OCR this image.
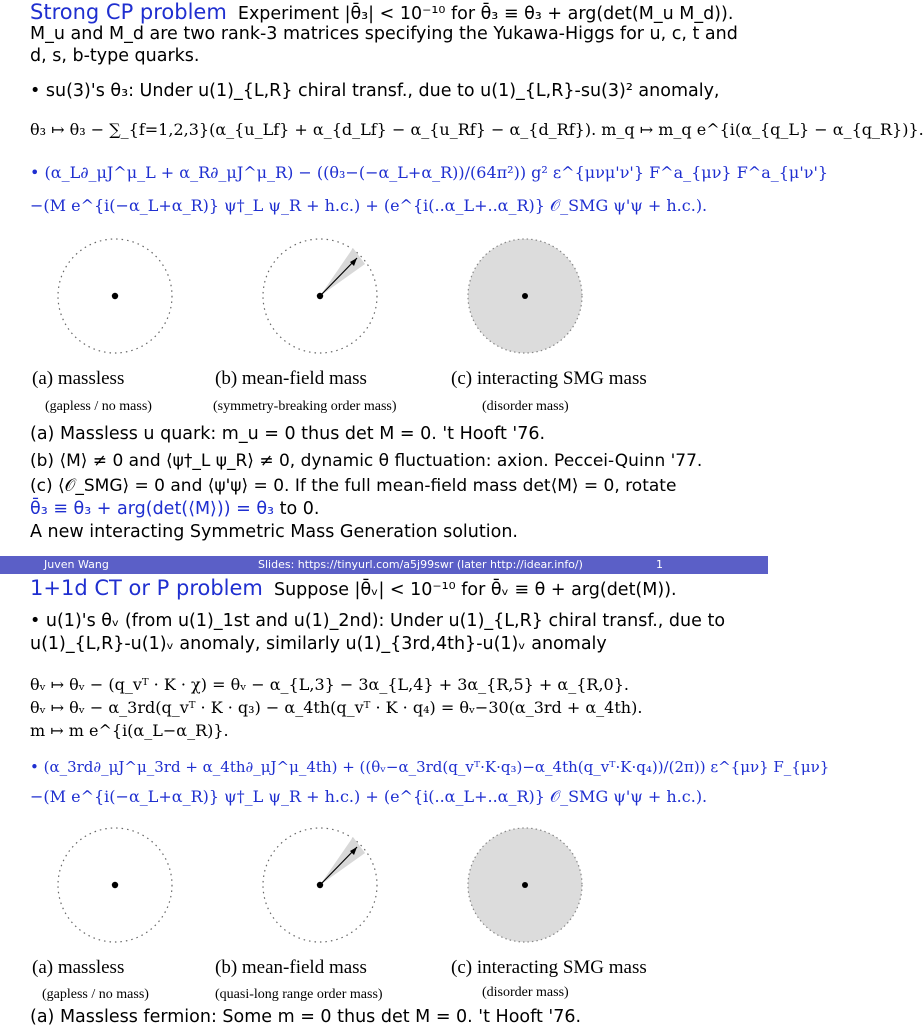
Strong CP problem Experiment |θ̄₃| < 10⁻¹⁰ for θ̄₃ ≡ θ₃ + arg(det(M_u M_d)).
M_u and M_d are two rank-3 matrices specifying the Yukawa-Higgs for u, c, t and
d, s, b-type quarks.
• su(3)'s θ₃: Under u(1)_{L,R} chiral transf., due to u(1)_{L,R}-su(3)² anomaly,
θ₃ ↦ θ₃ − ∑_{f=1,2,3}(α_{u_Lf} + α_{d_Lf} − α_{u_Rf} − α_{d_Rf}). m_q ↦ m_q e^{i(α_{q_L} − α_{q_R})}.
• (α_L∂_μJ^μ_L + α_R∂_μJ^μ_R) − ((θ₃−(−α_L+α_R))/(64π²)) g² ε^{μνμ'ν'} F^a_{μν} F^a_{μ'ν'}
−(M e^{i(−α_L+α_R)} ψ†_L ψ_R + h.c.) + (e^{i(..α_L+..α_R)} 𝒪_SMG ψ'ψ + h.c.).
(a) massless	(b) mean-field mass	(c) interacting SMG mass
(gapless / no mass)	(symmetry-breaking order mass)	(disorder mass)
(a) Massless u quark: m_u = 0 thus det M = 0. 't Hooft '76.
(b) ⟨M⟩ ≠ 0 and ⟨ψ†_L ψ_R⟩ ≠ 0, dynamic θ fluctuation: axion. Peccei-Quinn '77.
(c) ⟨𝒪_SMG⟩ = 0 and ⟨ψ'ψ⟩ = 0. If the full mean-field mass det⟨M⟩ = 0, rotate
θ̄₃ ≡ θ₃ + arg(det(⟨M⟩)) = θ₃ to 0.
A new interacting Symmetric Mass Generation solution.
Juven Wang	Slides: https://tinyurl.com/a5j99swr (later http://idear.info/)	1
1+1d CT or P problem Suppose |θ̄ᵥ| < 10⁻¹⁰ for θ̄ᵥ ≡ θ + arg(det(M)).
• u(1)'s θᵥ (from u(1)_1st and u(1)_2nd): Under u(1)_{L,R} chiral transf., due to
u(1)_{L,R}-u(1)ᵥ anomaly, similarly u(1)_{3rd,4th}-u(1)ᵥ anomaly
θᵥ ↦ θᵥ − (q_vᵀ · K · χ) = θᵥ − α_{L,3} − 3α_{L,4} + 3α_{R,5} + α_{R,0}.
θᵥ ↦ θᵥ − α_3rd(q_vᵀ · K · q₃) − α_4th(q_vᵀ · K · q₄) = θᵥ−30(α_3rd + α_4th).
m ↦ m e^{i(α_L−α_R)}.
• (α_3rd∂_μJ^μ_3rd + α_4th∂_μJ^μ_4th) + ((θᵥ−α_3rd(q_vᵀ·K·q₃)−α_4th(q_vᵀ·K·q₄))/(2π)) ε^{μν} F_{μν}
−(M e^{i(−α_L+α_R)} ψ†_L ψ_R + h.c.) + (e^{i(..α_L+..α_R)} 𝒪_SMG ψ'ψ + h.c.).
(a) massless	(b) mean-field mass	(c) interacting SMG mass
(gapless / no mass)	(quasi-long range order mass)	(disorder mass)
(a) Massless fermion: Some m = 0 thus det M = 0. 't Hooft '76.
